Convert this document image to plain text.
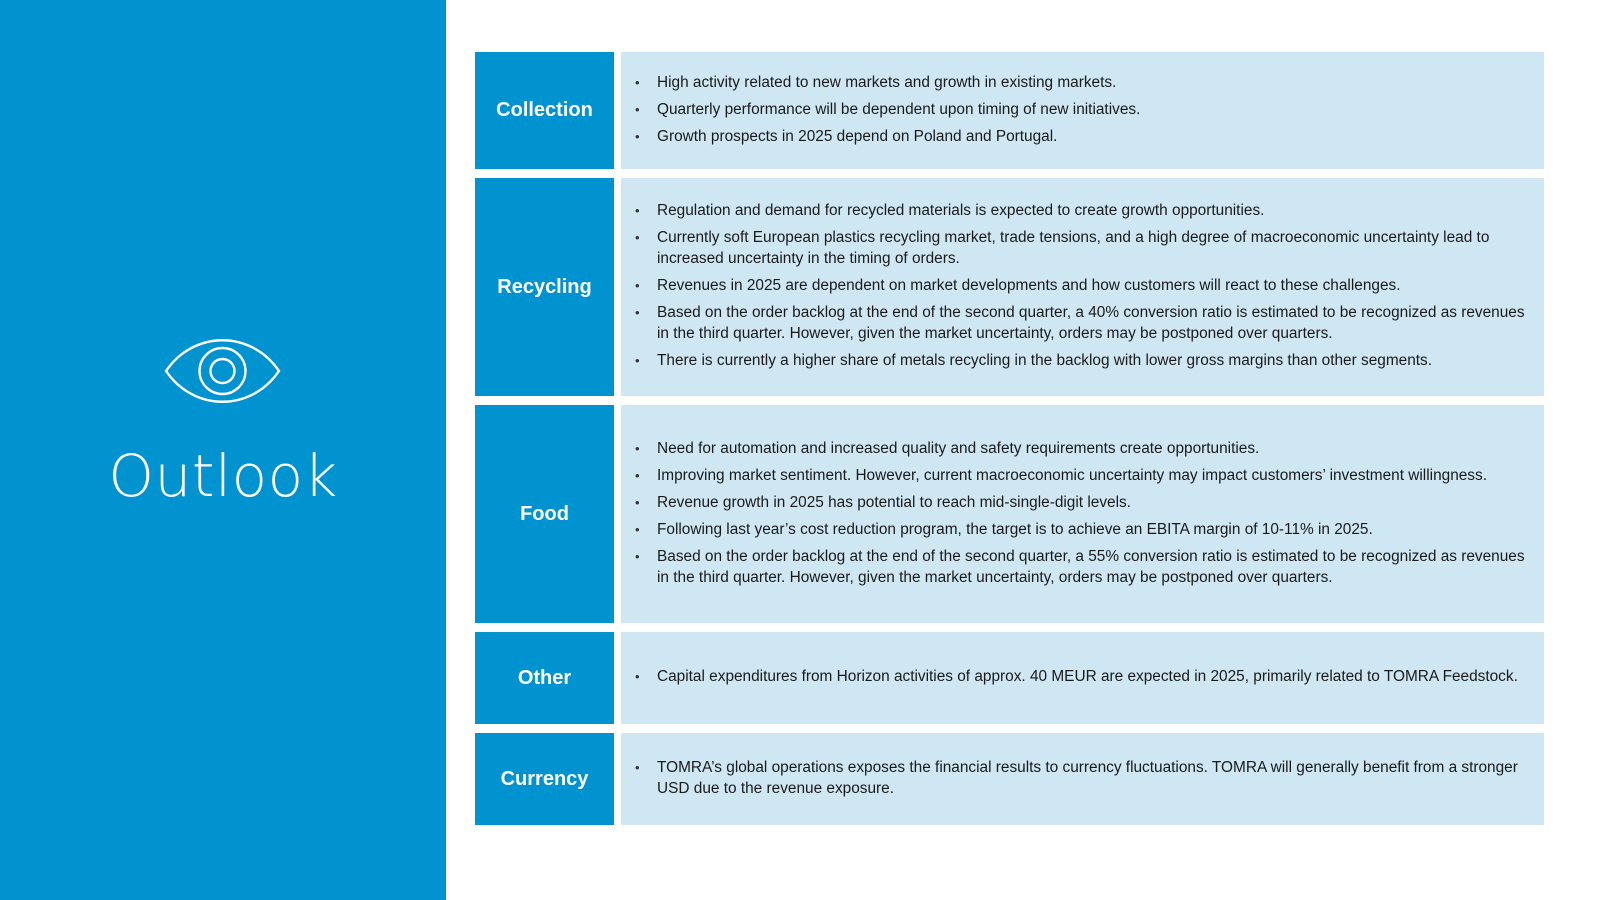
Outlook
Collection
• High activity related to new markets and growth in existing markets.
• Quarterly performance will be dependent upon timing of new initiatives.
• Growth prospects in 2025 depend on Poland and Portugal.
Recycling
• Regulation and demand for recycled materials is expected to create growth opportunities.
• Currently soft European plastics recycling market, trade tensions, and a high degree of macroeconomic uncertainty lead to increased uncertainty in the timing of orders.
• Revenues in 2025 are dependent on market developments and how customers will react to these challenges.
• Based on the order backlog at the end of the second quarter, a 40% conversion ratio is estimated to be recognized as revenues in the third quarter. However, given the market uncertainty, orders may be postponed over quarters.
• There is currently a higher share of metals recycling in the backlog with lower gross margins than other segments.
Food
• Need for automation and increased quality and safety requirements create opportunities.
• Improving market sentiment. However, current macroeconomic uncertainty may impact customers’ investment willingness.
• Revenue growth in 2025 has potential to reach mid-single-digit levels.
• Following last year’s cost reduction program, the target is to achieve an EBITA margin of 10-11% in 2025.
• Based on the order backlog at the end of the second quarter, a 55% conversion ratio is estimated to be recognized as revenues in the third quarter. However, given the market uncertainty, orders may be postponed over quarters.
Other
•	Capital expenditures from Horizon activities of approx. 40 MEUR are expected in 2025, primarily related to TOMRA Feedstock.
Currency
• TOMRA’s global operations exposes the financial results to currency fluctuations. TOMRA will generally benefit from a stronger USD due to the revenue exposure.
